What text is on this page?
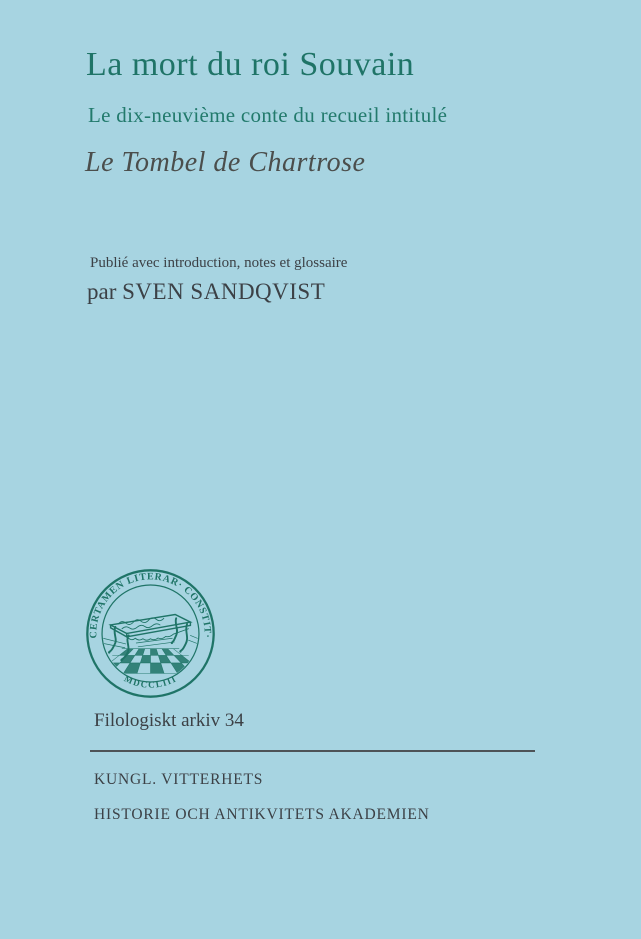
La mort du roi Souvain

Le dix-neuvième conte du recueil intitulé

Le Tombel de Chartrose

Publié avec introduction, notes et glossaire

par SVEN SANDQVIST

CERTAMEN LITERAR· CONSTIT·
MDCCLIII

Filologiskt arkiv 34

KUNGL. VITTERHETS

HISTORIE OCH ANTIKVITETS AKADEMIEN
